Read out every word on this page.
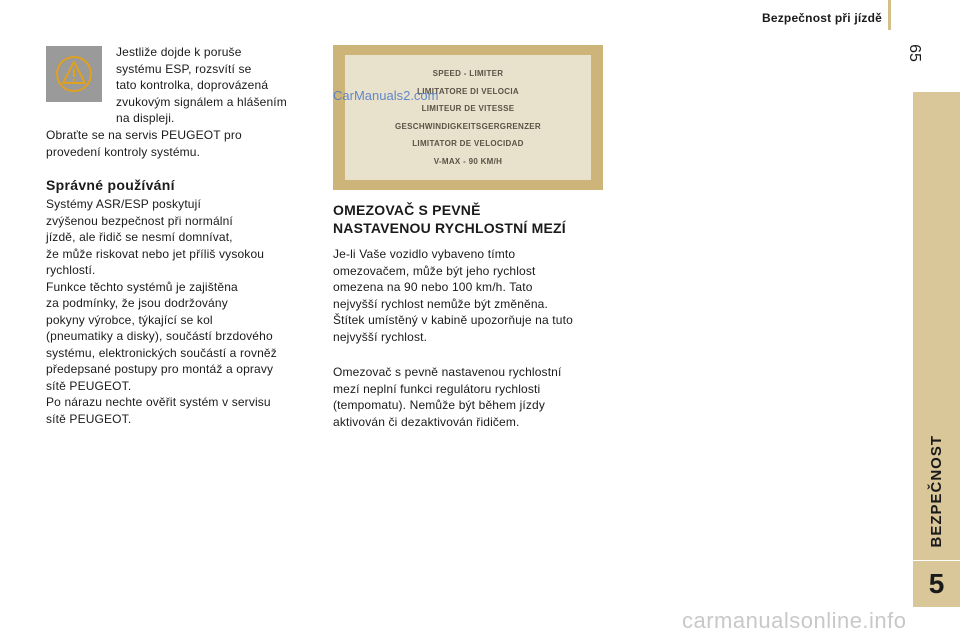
Bezpečnost při jízdě
65
BEZPEČNOST
5
Jestliže dojde k poruše
systému ESP, rozsvítí se
tato kontrolka, doprovázená
zvukovým signálem a hlášením
na displeji.
Obraťte se na servis PEUGEOT pro
provedení kontroly systému.
Správné používání
Systémy ASR/ESP poskytují
zvýšenou bezpečnost při normální
jízdě, ale řidič se nesmí domnívat,
že může riskovat nebo jet příliš vysokou
rychlostí.
Funkce těchto systémů je zajištěna
za podmínky, že jsou dodržovány
pokyny výrobce, týkající se kol
(pneumatiky a disky), součástí brzdového
systému, elektronických součástí a rovněž
předepsané postupy pro montáž a opravy
sítě PEUGEOT.
Po nárazu nechte ověřit systém v servisu
sítě PEUGEOT.
SPEED - LIMITER
LIMITATORE DI VELOCIA
LIMITEUR DE VITESSE
GESCHWINDIGKEITSGERGRENZER
LIMITATOR DE VELOCIDAD
V-MAX - 90 KM/H
CarManuals2.com
OMEZOVAČ S PEVNĚ
NASTAVENOU RYCHLOSTNÍ MEZÍ
Je-li Vaše vozidlo vybaveno tímto
omezovačem, může být jeho rychlost
omezena na 90 nebo 100 km/h. Tato
nejvyšší rychlost nemůže být změněna.
Štítek umístěný v kabině upozorňuje na tuto
nejvyšší rychlost.
Omezovač s pevně nastavenou rychlostní
mezí neplní funkci regulátoru rychlosti
(tempomatu). Nemůže být během jízdy
aktivován či dezaktivován řidičem.
carmanualsonline.info
